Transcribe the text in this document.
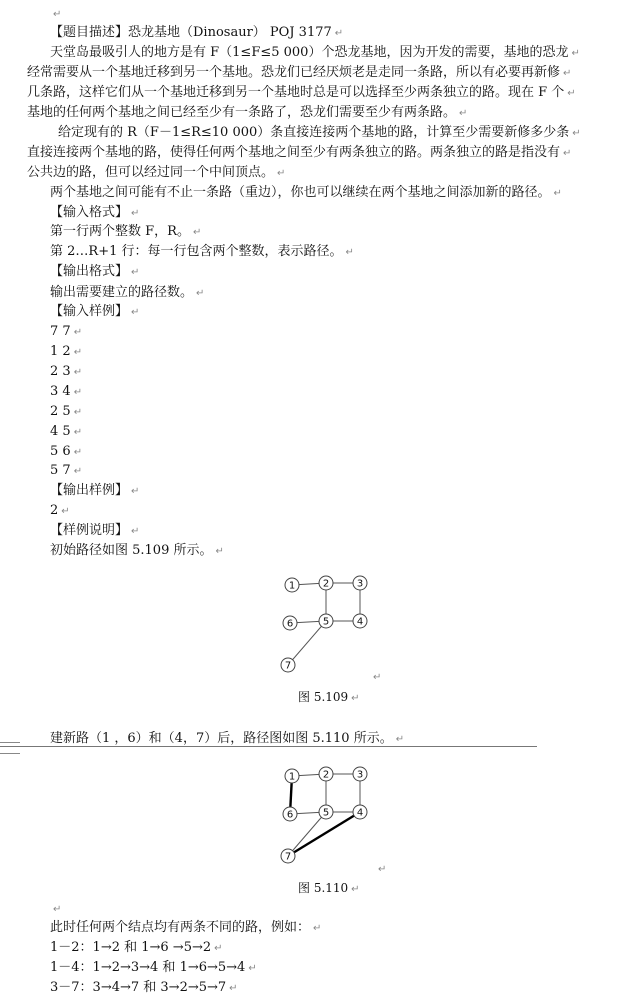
↵
【题目描述】恐龙基地（Dinosaur） POJ 3177 ↵
天堂岛最吸引人的地方是有 F（1≤F≤5 000）个恐龙基地，因为开发的需要，基地的恐龙 ↵
经常需要从一个基地迁移到另一个基地。恐龙们已经厌烦老是走同一条路，所以有必要再新修 ↵
几条路，这样它们从一个基地迁移到另一个基地时总是可以选择至少两条独立的路。现在 F 个 ↵
基地的任何两个基地之间已经至少有一条路了，恐龙们需要至少有两条路。 ↵
给定现有的 R（F－1≤R≤10 000）条直接连接两个基地的路，计算至少需要新修多少条 ↵
直接连接两个基地的路，使得任何两个基地之间至少有两条独立的路。两条独立的路是指没有 ↵
公共边的路，但可以经过同一个中间顶点。 ↵
两个基地之间可能有不止一条路（重边），你也可以继续在两个基地之间添加新的路径。 ↵
【输入格式】 ↵
第一行两个整数 F，R。 ↵
第 2…R+1 行：每一行包含两个整数，表示路径。 ↵
【输出格式】 ↵
输出需要建立的路径数。 ↵
【输入样例】 ↵
7 7 ↵
1 2 ↵
2 3 ↵
3 4 ↵
2 5 ↵
4 5 ↵
5 6 ↵
5 7 ↵
【输出样例】 ↵
2 ↵
【样例说明】 ↵
初始路径如图 5.109 所示。 ↵
↵
图 5.109 ↵
建新路（1 ，6）和（4，7）后，路径图如图 5.110 所示。 ↵
↵
图 5.110 ↵
↵
此时任何两个结点均有两条不同的路，例如： ↵
1－2：1→2 和 1→6 →5→2 ↵
1－4：1→2→3→4 和 1→6→5→4 ↵
3－7：3→4→7 和 3→2→5→7 ↵
1	2	3
4
5
6
7
1	2	3
4
5
6
7
